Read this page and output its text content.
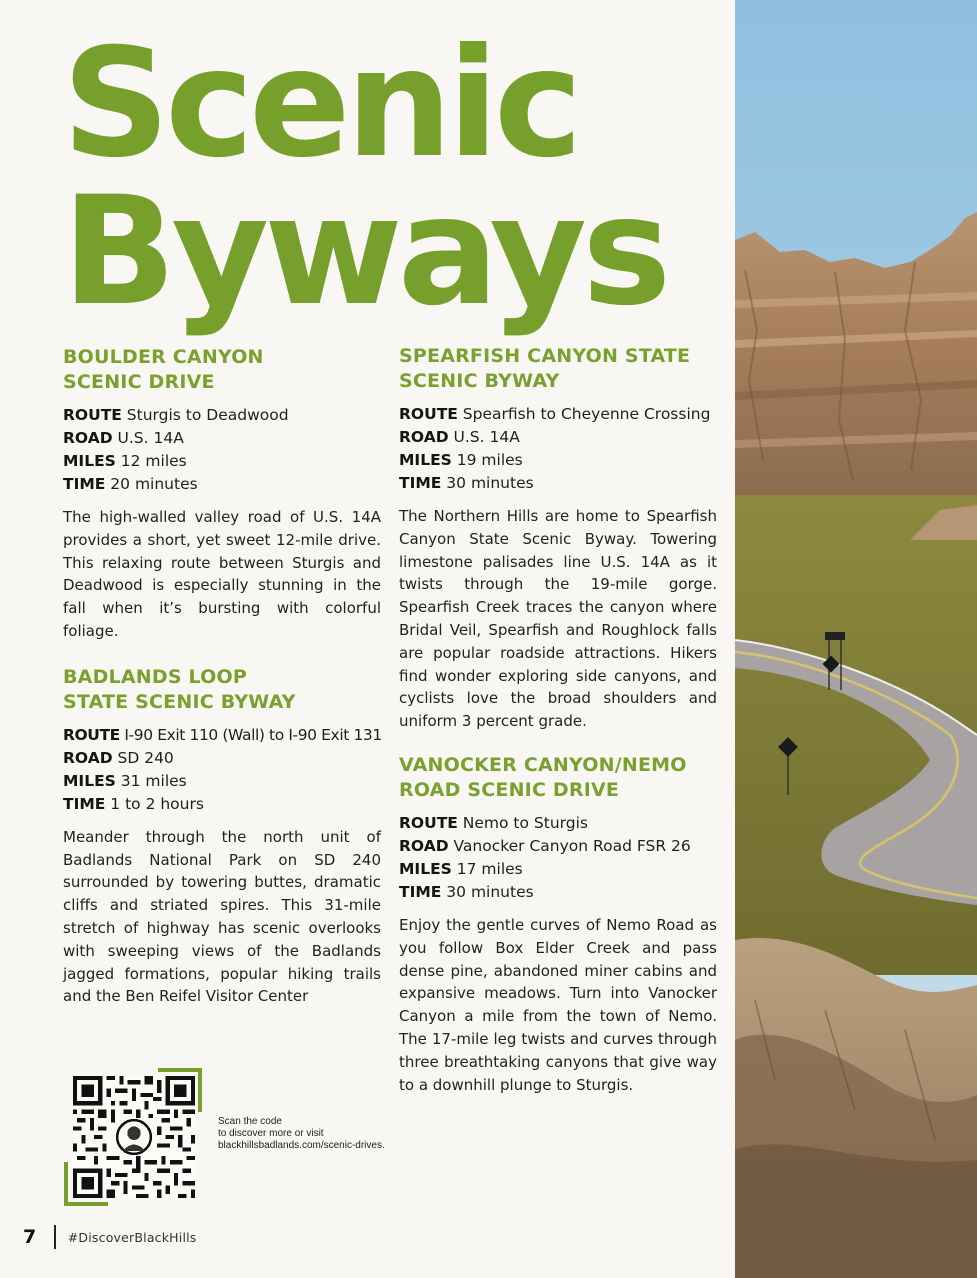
Scenic
Byways
BOULDER CANYON
SCENIC DRIVE
ROUTE Sturgis to Deadwood
ROAD U.S. 14A
MILES 12 miles
TIME 20 minutes

The high-walled valley road of U.S. 14A provides a short, yet sweet 12-mile drive. This relaxing route between Sturgis and Deadwood is especially stunning in the fall when it’s bursting with colorful foliage.

BADLANDS LOOP
STATE SCENIC BYWAY
ROUTE I-90 Exit 110 (Wall) to I-90 Exit 131
ROAD SD 240
MILES 31 miles
TIME 1 to 2 hours

Meander through the north unit of Badlands National Park on SD 240 surrounded by towering buttes, dramatic cliffs and striated spires. This 31-mile stretch of highway has scenic overlooks with sweeping views of the Badlands jagged formations, popular hiking trails and the Ben Reifel Visitor Center

SPEARFISH CANYON STATE
SCENIC BYWAY
ROUTE Spearfish to Cheyenne Crossing
ROAD U.S. 14A
MILES 19 miles
TIME 30 minutes

The Northern Hills are home to Spearfish Canyon State Scenic Byway. Towering limestone palisades line U.S. 14A as it twists through the 19-mile gorge. Spearfish Creek traces the canyon where Bridal Veil, Spearfish and Roughlock falls are popular roadside attractions. Hikers find wonder exploring side canyons, and cyclists love the broad shoulders and uniform 3 percent grade.

VANOCKER CANYON/NEMO
ROAD SCENIC DRIVE
ROUTE Nemo to Sturgis
ROAD Vanocker Canyon Road FSR 26
MILES 17 miles
TIME 30 minutes

Enjoy the gentle curves of Nemo Road as you follow Box Elder Creek and pass dense pine, abandoned miner cabins and expansive meadows. Turn into Vanocker Canyon a mile from the town of Nemo. The 17-mile leg twists and curves through three breathtaking canyons that give way to a downhill plunge to Sturgis.

Scan the code
to discover more or visit
blackhillsbadlands.com/scenic-drives.
7	#DiscoverBlackHills
